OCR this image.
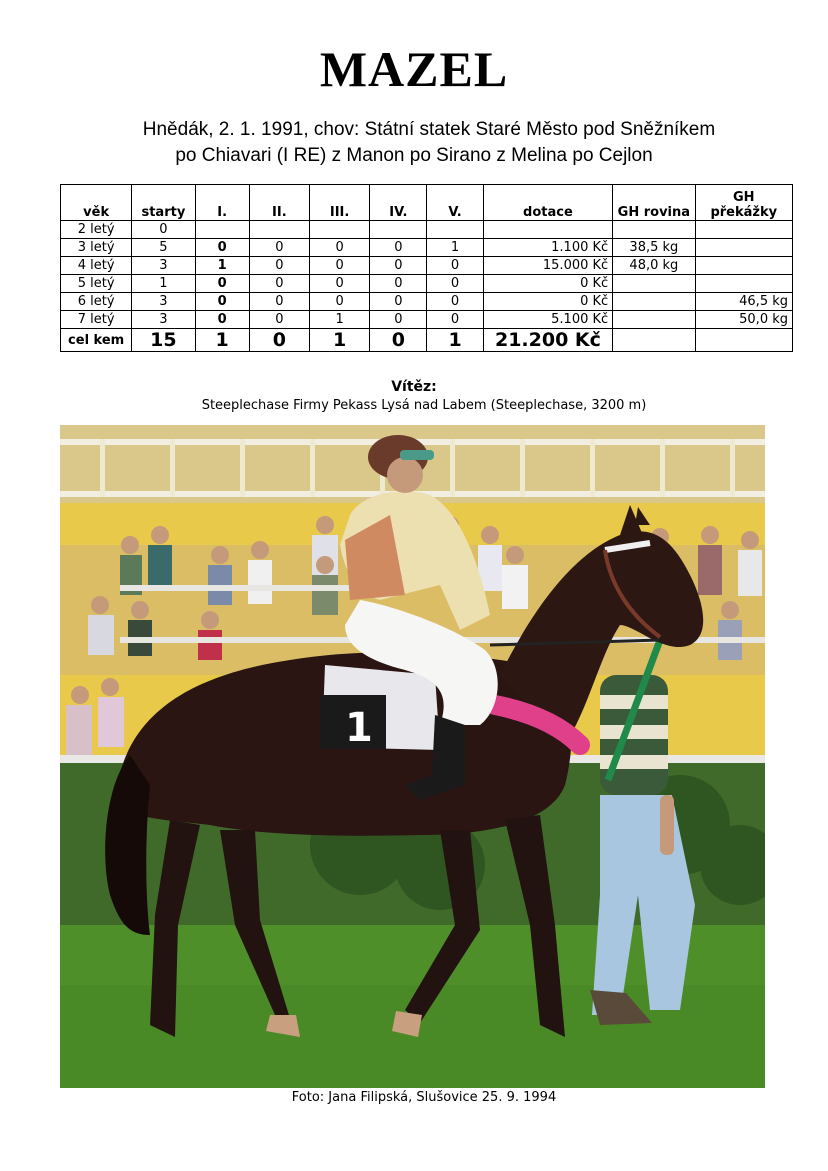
MAZEL
Hnědák, 2. 1. 1991, chov: Státní statek Staré Město pod Sněžníkem
po Chiavari (I RE) z Manon po Sirano z Melina po Cejlon
věk	starty	I.	II.	III.	IV.	V.	dotace	GH rovina	GH překážky
2 letý	0								
3 letý	5	0	0	0	0	1	1.100 Kč	38,5 kg	
4 letý	3	1	0	0	0	0	15.000 Kč	48,0 kg	
5 letý	1	0	0	0	0	0	0 Kč		
6 letý	3	0	0	0	0	0	0 Kč		46,5 kg
7 letý	3	0	0	1	0	0	5.100 Kč		50,0 kg
cel kem	15	1	0	1	0	1	21.200 Kč		
Vítěz:
Steeplechase Firmy Pekass Lysá nad Labem (Steeplechase, 3200 m)
1
Foto: Jana Filipská, Slušovice 25. 9. 1994
